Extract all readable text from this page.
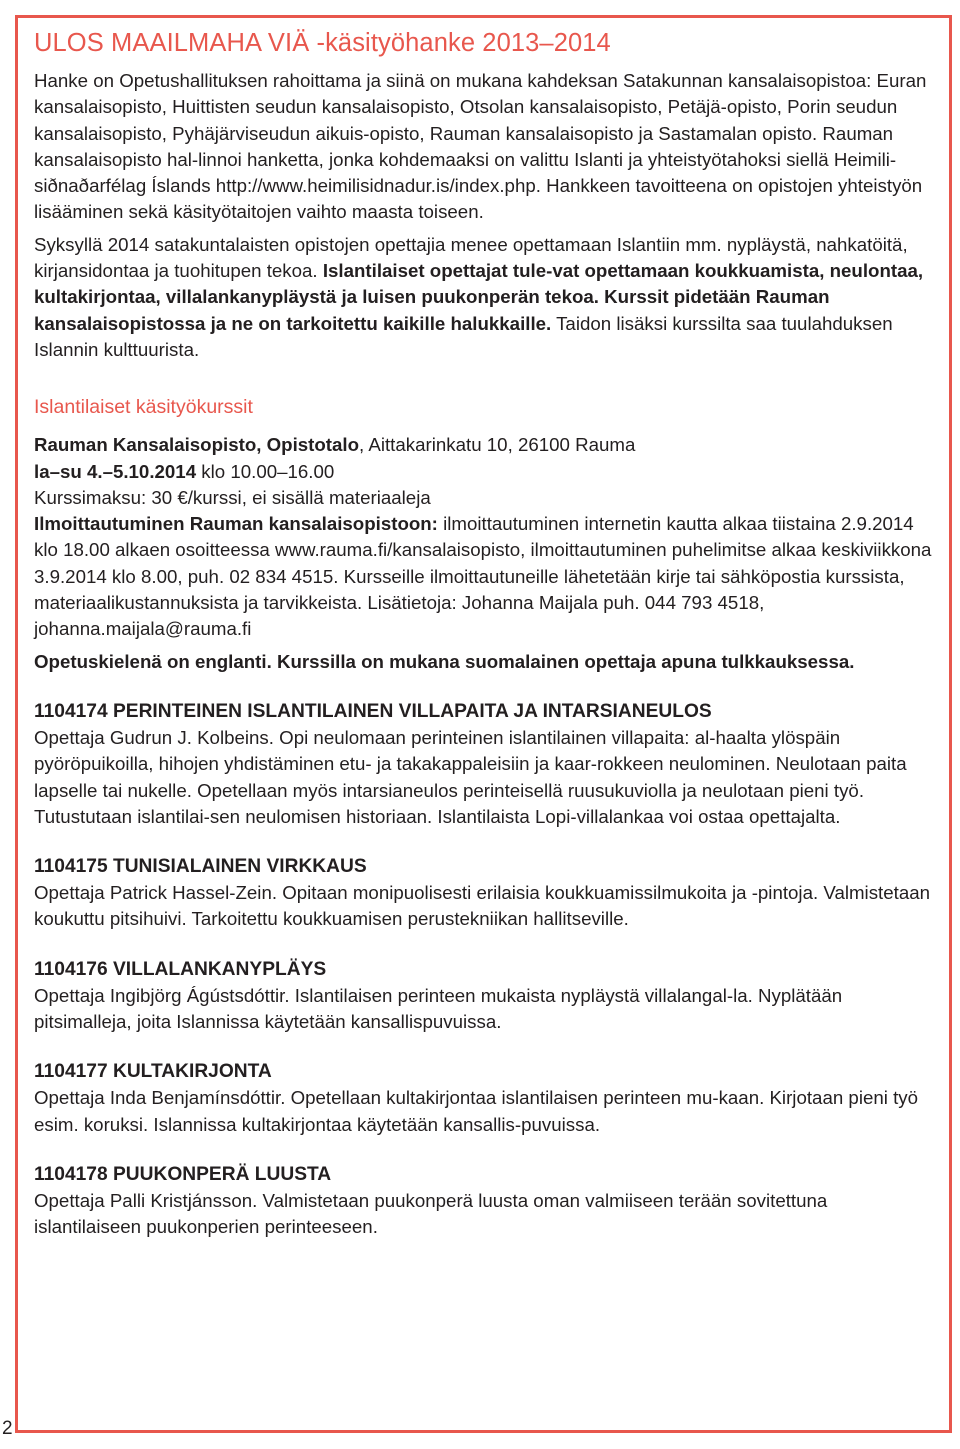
ULOS MAAILMAHA VIÄ -käsityöhanke 2013–2014

Hanke on Opetushallituksen rahoittama ja siinä on mukana kahdeksan Satakunnan kansalaisopistoa: Euran kansalaisopisto, Huittisten seudun kansalaisopisto, Otsolan kansalaisopisto, Petäjä-opisto, Porin seudun kansalaisopisto, Pyhäjärviseudun aikuis-opisto, Rauman kansalaisopisto ja Sastamalan opisto. Rauman kansalaisopisto hal-linnoi hanketta, jonka kohdemaaksi on valittu Islanti ja yhteistyötahoksi siellä Heimili-siðnaðarfélag Íslands http://www.heimilisidnadur.is/index.php. Hankkeen tavoitteena on opistojen yhteistyön lisääminen sekä käsityötaitojen vaihto maasta toiseen.

Syksyllä 2014 satakuntalaisten opistojen opettajia menee opettamaan Islantiin mm. nypläystä, nahkatöitä, kirjansidontaa ja tuohitupen tekoa. Islantilaiset opettajat tule-vat opettamaan koukkuamista, neulontaa, kultakirjontaa, villalankanypläystä ja luisen puukonperän tekoa. Kurssit pidetään Rauman kansalaisopistossa ja ne on tarkoitettu kaikille halukkaille. Taidon lisäksi kurssilta saa tuulahduksen Islannin kulttuurista.

Islantilaiset käsityökurssit

Rauman Kansalaisopisto, Opistotalo, Aittakarinkatu 10, 26100 Rauma

la–su 4.–5.10.2014 klo 10.00–16.00

Kurssimaksu: 30 €/kurssi, ei sisällä materiaaleja

Ilmoittautuminen Rauman kansalaisopistoon: ilmoittautuminen internetin kautta alkaa tiistaina 2.9.2014 klo 18.00 alkaen osoitteessa www.rauma.fi/kansalaisopisto, ilmoittautuminen puhelimitse alkaa keskiviikkona 3.9.2014 klo 8.00, puh. 02 834 4515. Kursseille ilmoittautuneille lähetetään kirje tai sähköpostia kurssista, materiaalikustannuksista ja tarvikkeista. Lisätietoja: Johanna Maijala puh. 044 793 4518, johanna.maijala@rauma.fi

Opetuskielenä on englanti. Kurssilla on mukana suomalainen opettaja apuna tulkkauksessa.

1104174 PERINTEINEN ISLANTILAINEN VILLAPAITA JA INTARSIANEULOS

Opettaja Gudrun J. Kolbeins. Opi neulomaan perinteinen islantilainen villapaita: al-haalta ylöspäin pyöröpuikoilla, hihojen yhdistäminen etu- ja takakappaleisiin ja kaar-rokkeen neulominen. Neulotaan paita lapselle tai nukelle. Opetellaan myös intarsianeulos perinteisellä ruusukuviolla ja neulotaan pieni työ. Tutustutaan islantilai-sen neulomisen historiaan. Islantilaista Lopi-villalankaa voi ostaa opettajalta.

1104175 TUNISIALAINEN VIRKKAUS

Opettaja Patrick Hassel-Zein. Opitaan monipuolisesti erilaisia koukkuamissilmukoita ja -pintoja. Valmistetaan koukuttu pitsihuivi. Tarkoitettu koukkuamisen perustekniikan hallitseville.

1104176 VILLALANKANYPLÄYS

Opettaja Ingibjörg Ágústsdóttir. Islantilaisen perinteen mukaista nypläystä villalangal-la. Nyplätään pitsimalleja, joita Islannissa käytetään kansallispuvuissa.

1104177 KULTAKIRJONTA

Opettaja Inda Benjamínsdóttir. Opetellaan kultakirjontaa islantilaisen perinteen mu-kaan. Kirjotaan pieni työ esim. koruksi. Islannissa kultakirjontaa käytetään kansallis-puvuissa.

1104178 PUUKONPERÄ LUUSTA

Opettaja Palli Kristjánsson. Valmistetaan puukonperä luusta oman valmiiseen terään sovitettuna islantilaiseen puukonperien perinteeseen.

2
